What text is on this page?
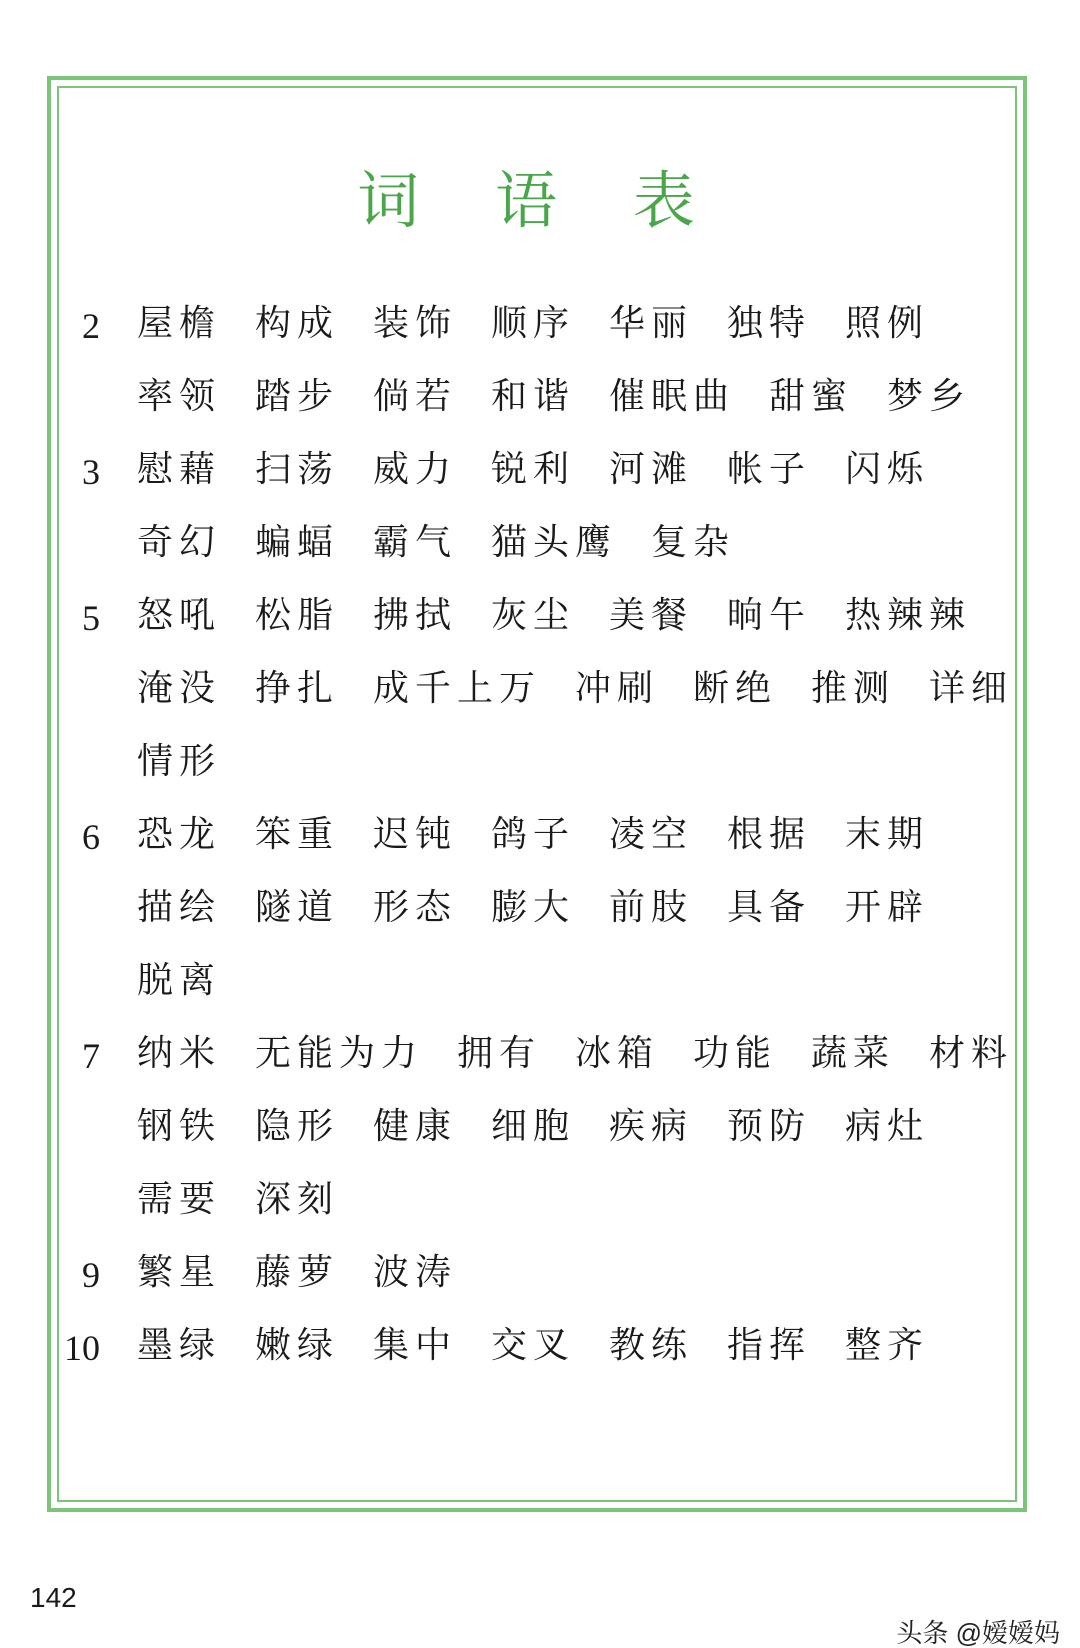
词 语 表
2 屋檐 构成 装饰 顺序 华丽 独特 照例
率领 踏步 倘若 和谐 催眠曲 甜蜜 梦乡
3 慰藉 扫荡 威力 锐利 河滩 帐子 闪烁
奇幻 蝙蝠 霸气 猫头鹰 复杂
5 怒吼 松脂 拂拭 灰尘 美餐 晌午 热辣辣
淹没 挣扎 成千上万 冲刷 断绝 推测 详细
情形
6 恐龙 笨重 迟钝 鸽子 凌空 根据 末期
描绘 隧道 形态 膨大 前肢 具备 开辟
脱离
7 纳米 无能为力 拥有 冰箱 功能 蔬菜 材料
钢铁 隐形 健康 细胞 疾病 预防 病灶
需要 深刻
9 繁星 藤萝 波涛
10 墨绿 嫩绿 集中 交叉 教练 指挥 整齐
142
头条 @嫒嫒妈
